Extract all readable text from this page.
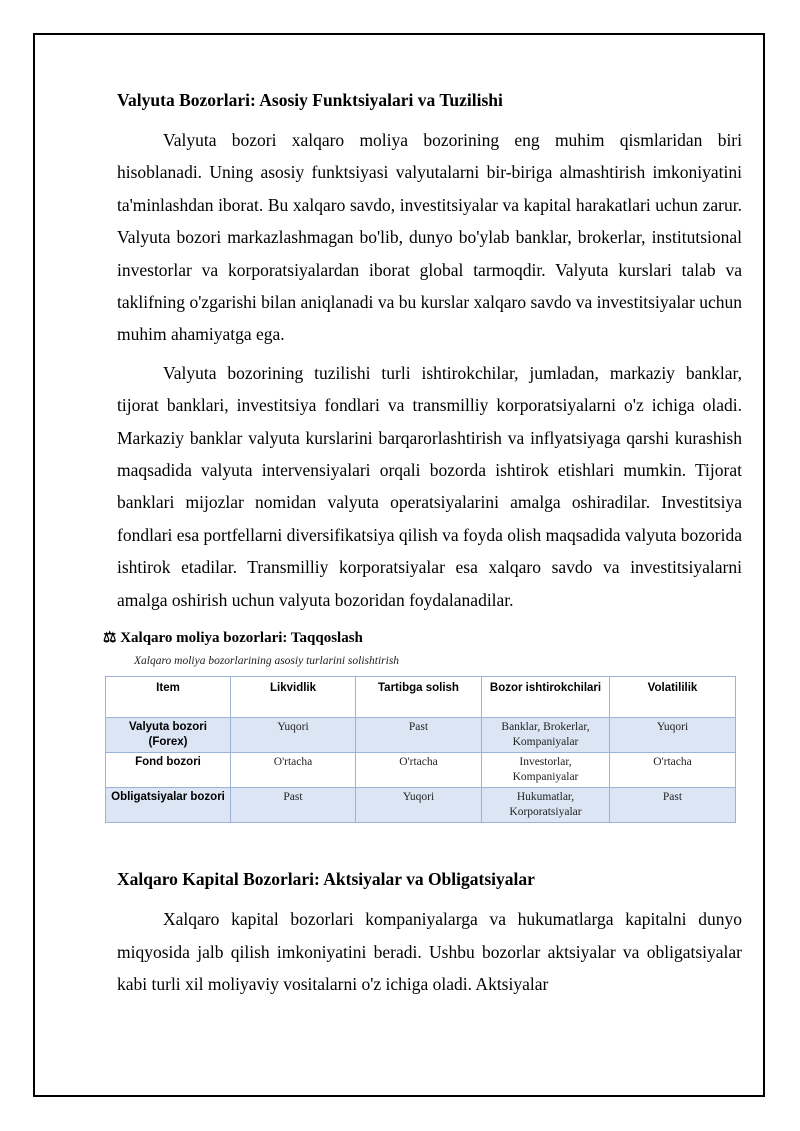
Valyuta Bozorlari: Asosiy Funktsiyalari va Tuzilishi

Valyuta bozori xalqaro moliya bozorining eng muhim qismlaridan biri hisoblanadi. Uning asosiy funktsiyasi valyutalarni bir-biriga almashtirish imkoniyatini ta'minlashdan iborat. Bu xalqaro savdo, investitsiyalar va kapital harakatlari uchun zarur. Valyuta bozori markazlashmagan bo'lib, dunyo bo'ylab banklar, brokerlar, institutsional investorlar va korporatsiyalardan iborat global tarmoqdir. Valyuta kurslari talab va taklifning o'zgarishi bilan aniqlanadi va bu kurslar xalqaro savdo va investitsiyalar uchun muhim ahamiyatga ega.

Valyuta bozorining tuzilishi turli ishtirokchilar, jumladan, markaziy banklar, tijorat banklari, investitsiya fondlari va transmilliy korporatsiyalarni o'z ichiga oladi. Markaziy banklar valyuta kurslarini barqarorlashtirish va inflyatsiyaga qarshi kurashish maqsadida valyuta intervensiyalari orqali bozorda ishtirok etishlari mumkin. Tijorat banklari mijozlar nomidan valyuta operatsiyalarini amalga oshiradilar. Investitsiya fondlari esa portfellarni diversifikatsiya qilish va foyda olish maqsadida valyuta bozorida ishtirok etadilar. Transmilliy korporatsiyalar esa xalqaro savdo va investitsiyalarni amalga oshirish uchun valyuta bozoridan foydalanadilar.

⚖ Xalqaro moliya bozorlari: Taqqoslash
Xalqaro moliya bozorlarining asosiy turlarini solishtirish
Item	Likvidlik	Tartibga solish	Bozor ishtirokchilari	Volatililik
Valyuta bozori (Forex)	Yuqori	Past	Banklar, Brokerlar, Kompaniyalar	Yuqori
Fond bozori	O'rtacha	O'rtacha	Investorlar, Kompaniyalar	O'rtacha
Obligatsiyalar bozori	Past	Yuqori	Hukumatlar, Korporatsiyalar	Past
Xalqaro Kapital Bozorlari: Aktsiyalar va Obligatsiyalar

Xalqaro kapital bozorlari kompaniyalarga va hukumatlarga kapitalni dunyo miqyosida jalb qilish imkoniyatini beradi. Ushbu bozorlar aktsiyalar va obligatsiyalar kabi turli xil moliyaviy vositalarni o'z ichiga oladi. Aktsiyalar
